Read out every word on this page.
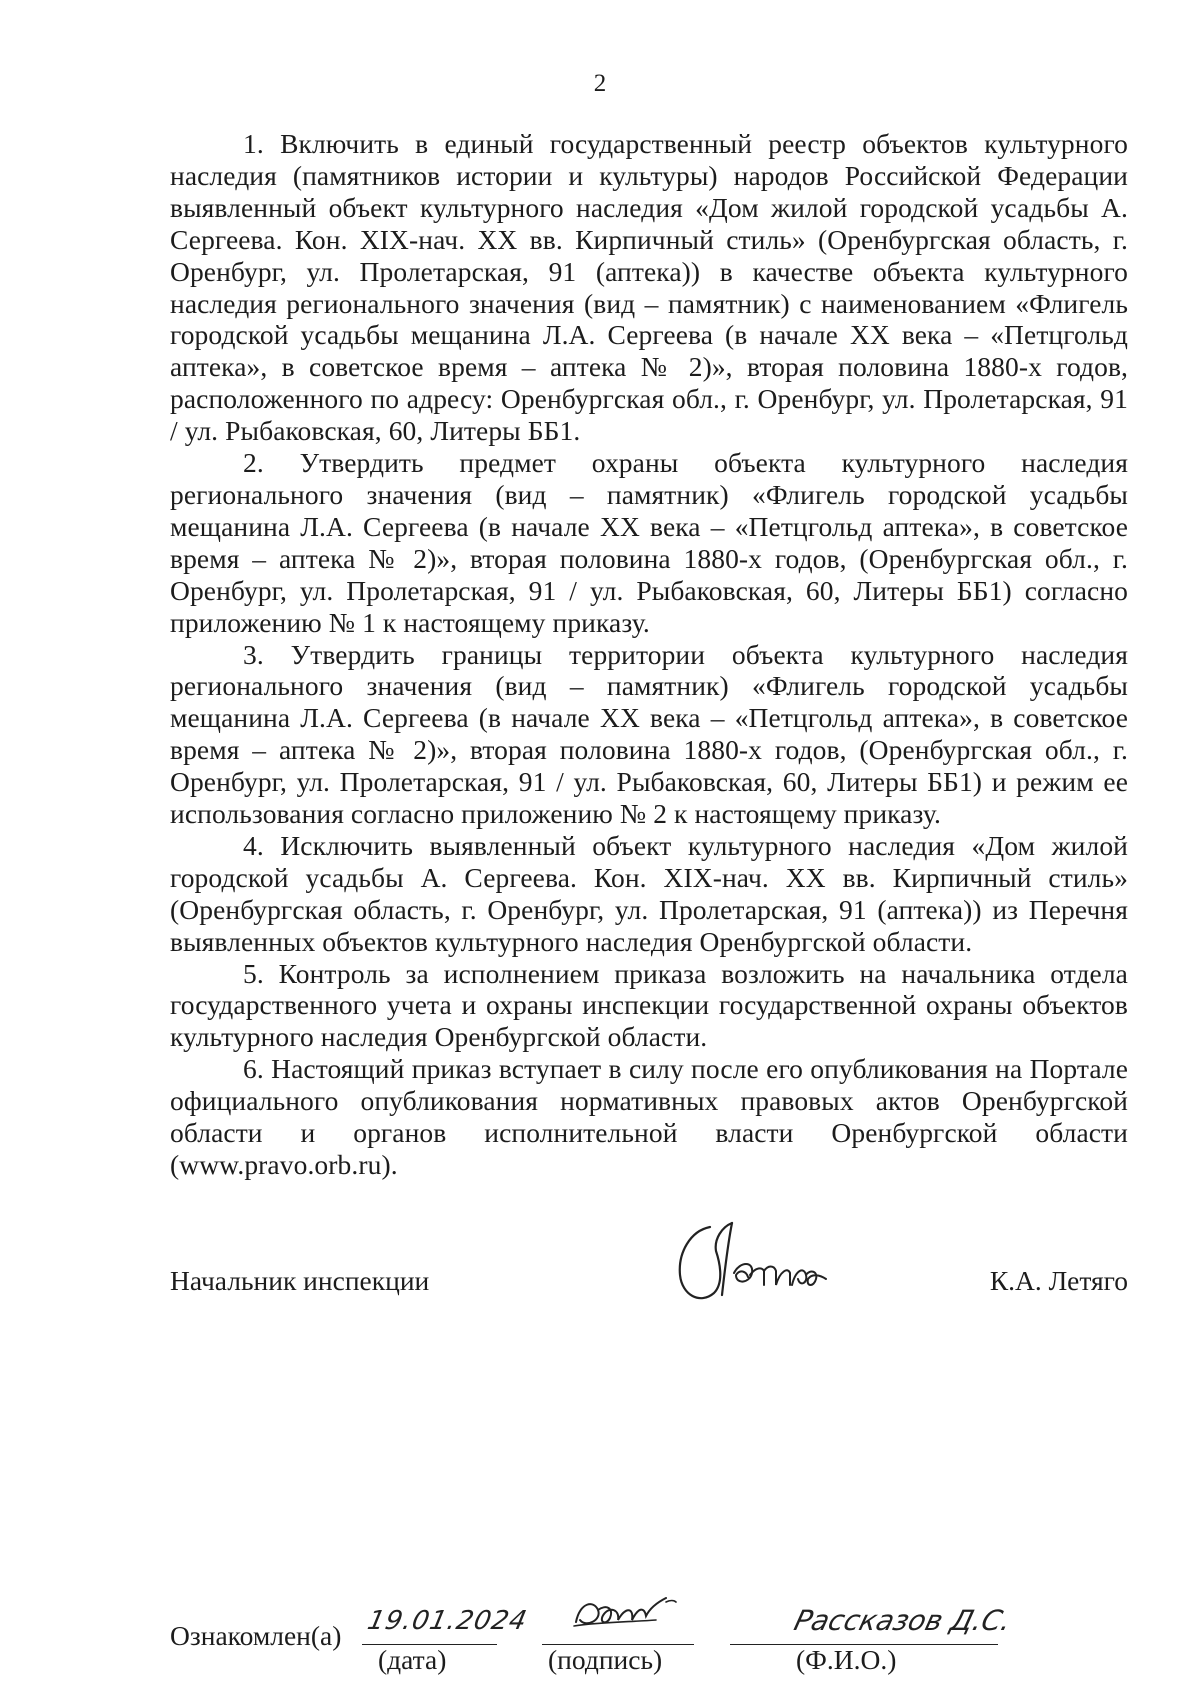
2

1. Включить в единый государственный реестр объектов культурного наследия (памятников истории и культуры) народов Российской Федерации выявленный объект культурного наследия «Дом жилой городской усадьбы А. Сергеева. Кон. XIX-нач. XX вв. Кирпичный стиль» (Оренбургская область, г. Оренбург, ул. Пролетарская, 91 (аптека)) в качестве объекта культурного наследия регионального значения (вид – памятник) с наименованием «Флигель городской усадьбы мещанина Л.А. Сергеева (в начале XX века – «Петцгольд аптека», в советское время – аптека № 2)», вторая половина 1880-х годов, расположенного по адресу: Оренбургская обл., г. Оренбург, ул. Пролетарская, 91 / ул. Рыбаковская, 60, Литеры ББ1.

2. Утвердить предмет охраны объекта культурного наследия регионального значения (вид – памятник) «Флигель городской усадьбы мещанина Л.А. Сергеева (в начале XX века – «Петцгольд аптека», в советское время – аптека № 2)», вторая половина 1880-х годов, (Оренбургская обл., г. Оренбург, ул. Пролетарская, 91 / ул. Рыбаковская, 60, Литеры ББ1) согласно приложению № 1 к настоящему приказу.

3. Утвердить границы территории объекта культурного наследия регионального значения (вид – памятник) «Флигель городской усадьбы мещанина Л.А. Сергеева (в начале XX века – «Петцгольд аптека», в советское время – аптека № 2)», вторая половина 1880-х годов, (Оренбургская обл., г. Оренбург, ул. Пролетарская, 91 / ул. Рыбаковская, 60, Литеры ББ1) и режим ее использования согласно приложению № 2 к настоящему приказу.

4. Исключить выявленный объект культурного наследия «Дом жилой городской усадьбы А. Сергеева. Кон. XIX-нач. XX вв. Кирпичный стиль» (Оренбургская область, г. Оренбург, ул. Пролетарская, 91 (аптека)) из Перечня выявленных объектов культурного наследия Оренбургской области.

5. Контроль за исполнением приказа возложить на начальника отдела государственного учета и охраны инспекции государственной охраны объектов культурного наследия Оренбургской области.

6. Настоящий приказ вступает в силу после его опубликования на Портале официального опубликования нормативных правовых актов Оренбургской области и органов исполнительной власти Оренбургской области (www.pravo.orb.ru).

Начальник инспекции	К.А. Летяго
Ознакомлен(а) 19.01.2024
(дата)	(подпись)
Рассказов Д.С.
(Ф.И.О.)
